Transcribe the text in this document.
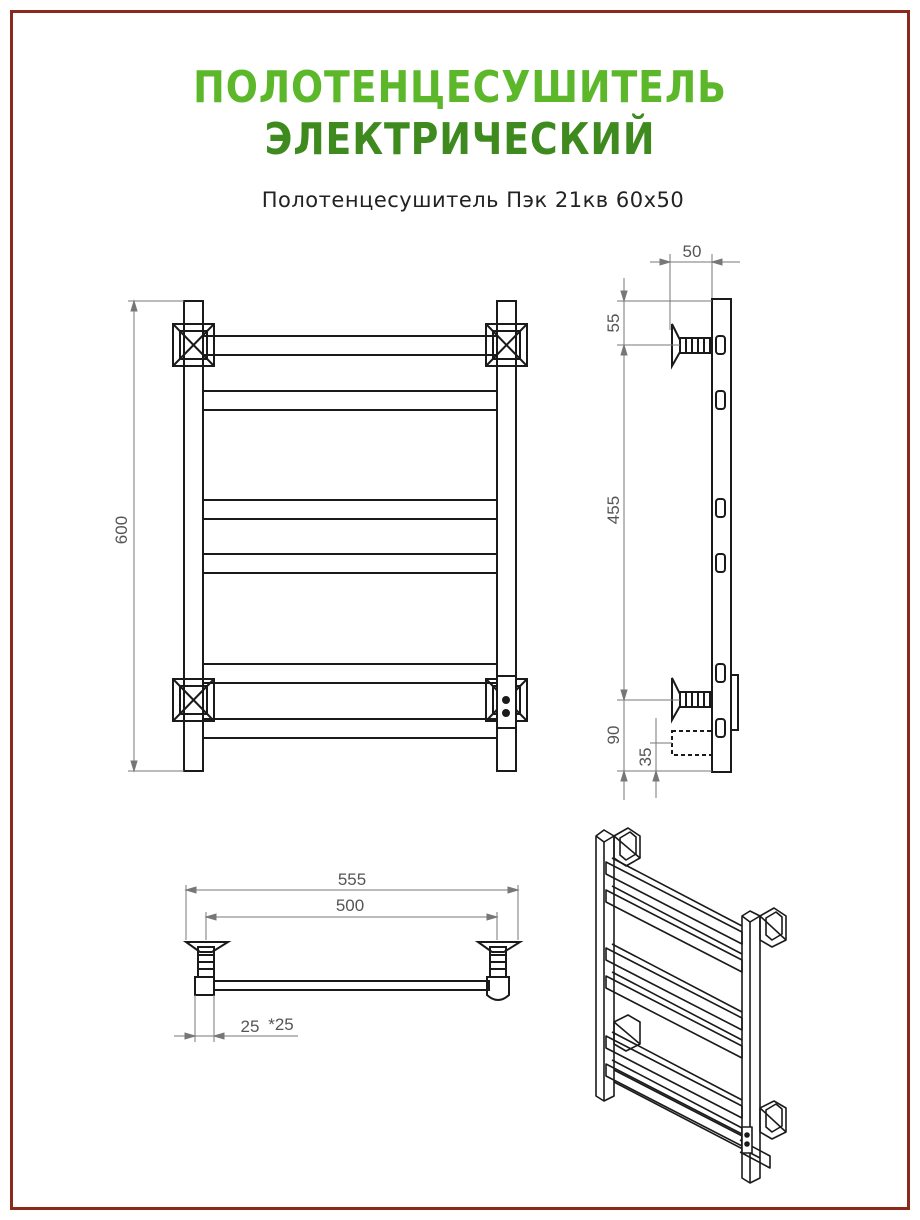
ПОЛОТЕНЦЕСУШИТЕЛЬ
ЭЛЕКТРИЧЕСКИЙ
Полотенцесушитель Пэк 21кв 60х50
600
50
55
455
90
35
555
500
25 *25
